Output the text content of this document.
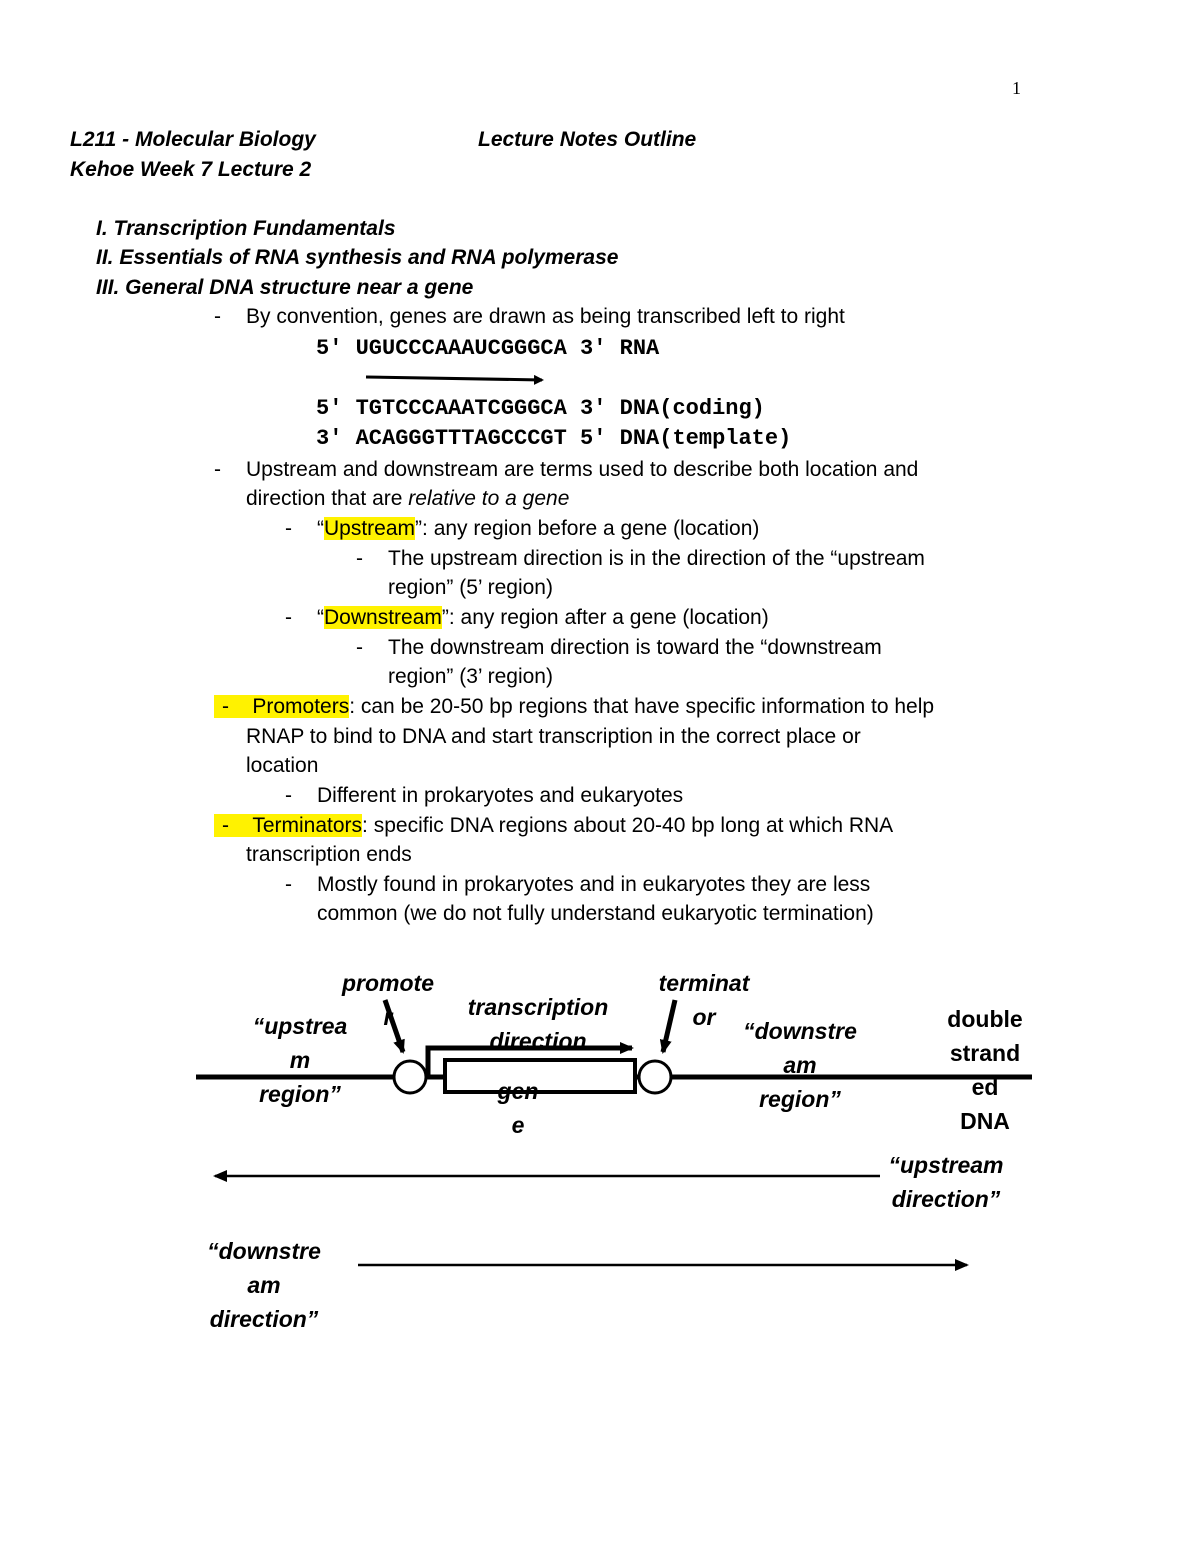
1
L211 - Molecular Biology	Lecture Notes Outline
Kehoe Week 7 Lecture 2
I. Transcription Fundamentals
II. Essentials of RNA synthesis and RNA polymerase
III. General DNA structure near a gene
- By convention, genes are drawn as being transcribed left to right
5′ UGUCCCAAAUCGGGCA 3′ RNA
5′ TGTCCCAAATCGGGCA 3′ DNA(coding)
3′ ACAGGGTTTAGCCCGT 5′ DNA(template)
- Upstream and downstream are terms used to describe both location and
direction that are relative to a gene
- “Upstream”: any region before a gene (location)
- The upstream direction is in the direction of the “upstream
region” (5’ region)
- “Downstream”: any region after a gene (location)
- The downstream direction is toward the “downstream
region” (3’ region)
-    Promoters: can be 20-50 bp regions that have specific information to help
RNAP to bind to DNA and start transcription in the correct place or
location
- Different in prokaryotes and eukaryotes
-    Terminators: specific DNA regions about 20-40 bp long at which RNA
transcription ends
- Mostly found in prokaryotes and in eukaryotes they are less
common (we do not fully understand eukaryotic termination)
promote
r	transcription
direction
terminat
or
“upstrea
m
region”
“downstre
am
region”
double
strand
ed
DNA
gen
e
“upstream
direction”
“downstre
am
direction”
